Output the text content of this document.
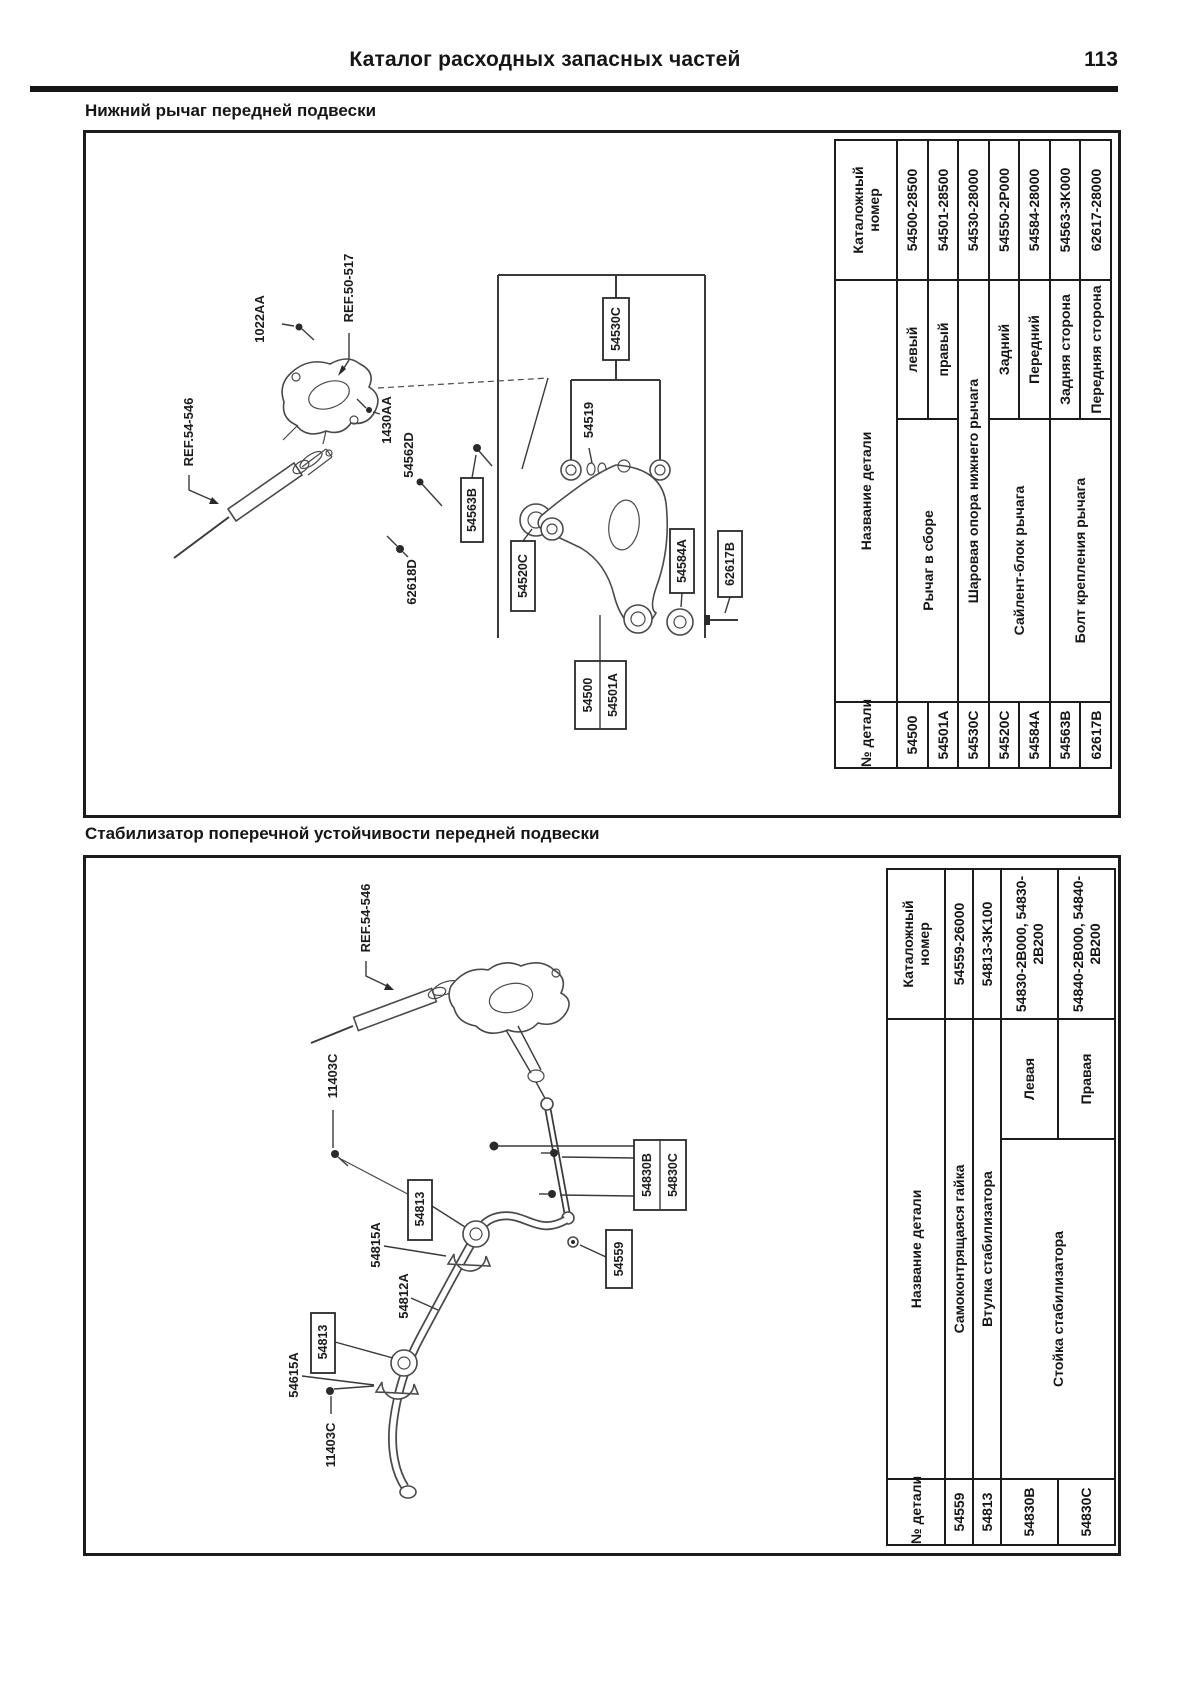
Каталог расходных запасных частей	113
Нижний рычаг передней подвески
1022AA	REF.50-517
1430AA
54562D
REF.54-546
62618D
54563B
54520C
54530C
54519
54584A	62617B
54500 54501A
№ детали	Название детали		Каталожный номер
54500	Рычаг в сборе	левый	54500-28500
54501A		правый	54501-28500
54530C	Шаровая опора нижнего рычага		54530-28000
54520C	Сайлент-блок рычага	Задний	54550-2P000
54584A		Передний	54584-28000
54563B	Болт крепления рычага	Задняя сторона	54563-3K000
62617B		Передняя сторона	62617-28000
Стабилизатор поперечной устойчивости передней подвески
REF.54-546
11403C
54830B 54830C
54559
54813
54815A
54812A
54813
54615A
11403C
№ детали	Название детали		Каталожный номер
54559	Самоконтрящаяся гайка		54559-26000
54813	Втулка стабилизатора		54813-3K100
54830B	Стойка стабилизатора	Левая	54830-2B000, 54830-2B200
54830C		Правая	54840-2B000, 54840-2B200
